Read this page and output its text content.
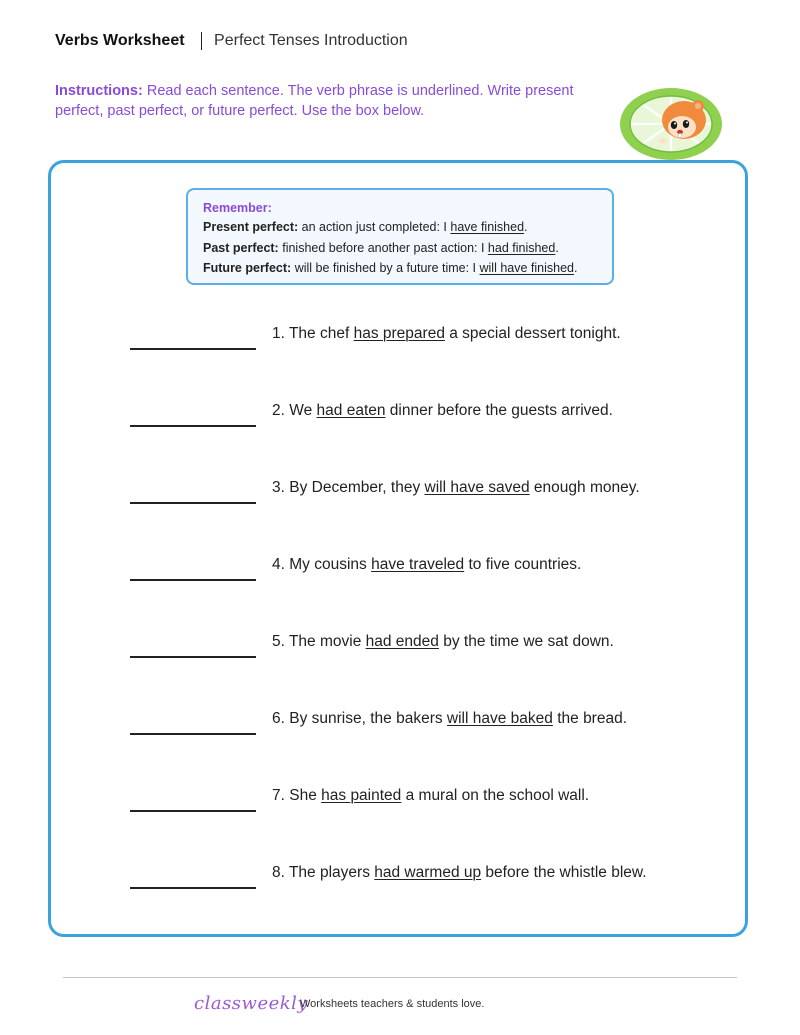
Verbs Worksheet Perfect Tenses Introduction
Instructions: Read each sentence. The verb phrase is underlined. Write present perfect, past perfect, or future perfect. Use the box below.
Remember:
Present perfect: an action just completed: I have finished.
Past perfect: finished before another past action: I had finished.
Future perfect: will be finished by a future time: I will have finished.
1. The chef has prepared a special dessert tonight.
2. We had eaten dinner before the guests arrived.
3. By December, they will have saved enough money.
4. My cousins have traveled to five countries.
5. The movie had ended by the time we sat down.
6. By sunrise, the bakers will have baked the bread.
7. She has painted a mural on the school wall.
8. The players had warmed up before the whistle blew.
classweekly
Worksheets teachers & students love.
